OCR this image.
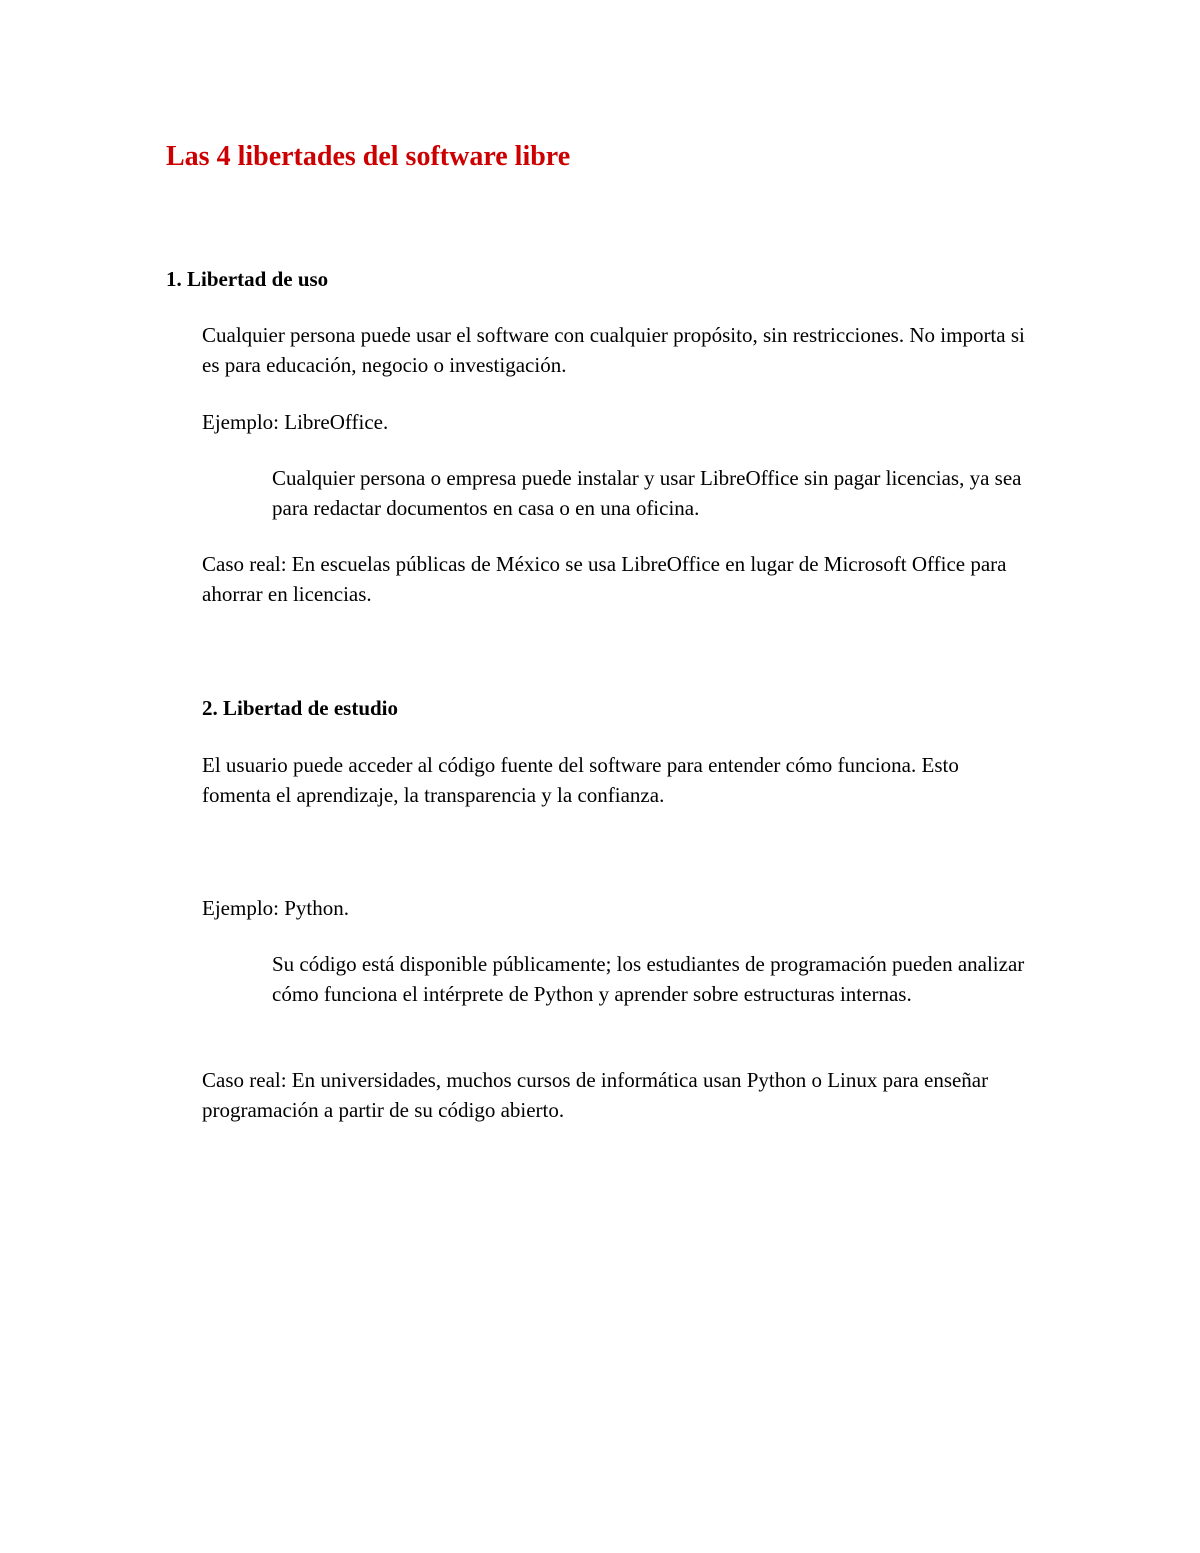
Las 4 libertades del software libre
1. Libertad de uso

Cualquier persona puede usar el software con cualquier propósito, sin restricciones. No importa si es para educación, negocio o investigación.

Ejemplo: LibreOffice.

Cualquier persona o empresa puede instalar y usar LibreOffice sin pagar licencias, ya sea para redactar documentos en casa o en una oficina.

Caso real: En escuelas públicas de México se usa LibreOffice en lugar de Microsoft Office para ahorrar en licencias.

2. Libertad de estudio

El usuario puede acceder al código fuente del software para entender cómo funciona. Esto fomenta el aprendizaje, la transparencia y la confianza.

Ejemplo: Python.

Su código está disponible públicamente; los estudiantes de programación pueden analizar cómo funciona el intérprete de Python y aprender sobre estructuras internas.

Caso real: En universidades, muchos cursos de informática usan Python o Linux para enseñar programación a partir de su código abierto.
